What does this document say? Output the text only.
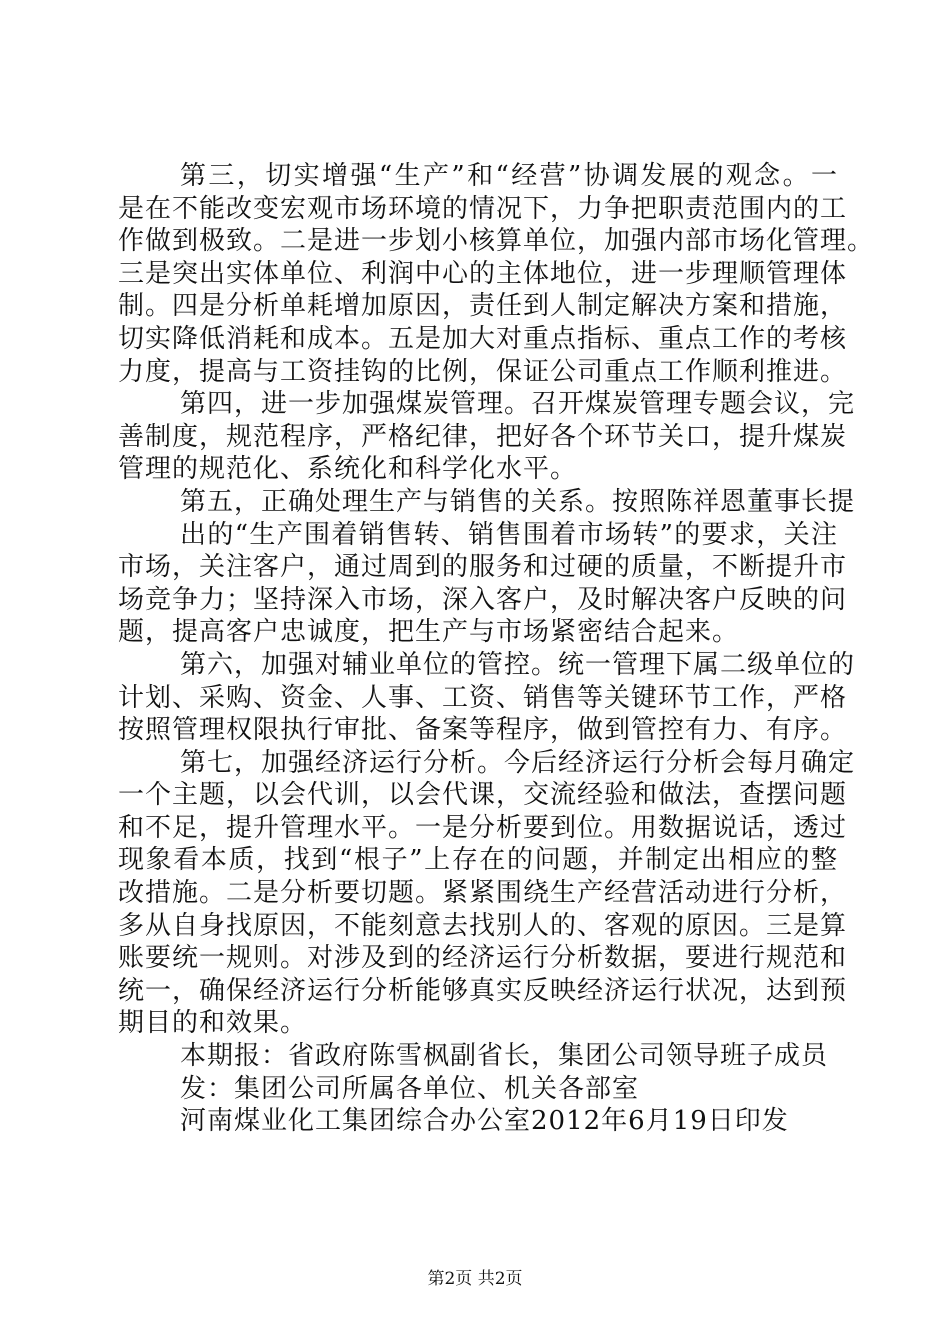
第三，切实增强“生产”和“经营”协调发展的观念。一
是在不能改变宏观市场环境的情况下，力争把职责范围内的工
作做到极致。二是进一步划小核算单位，加强内部市场化管理。
三是突出实体单位、利润中心的主体地位，进一步理顺管理体
制。四是分析单耗增加原因，责任到人制定解决方案和措施，
切实降低消耗和成本。五是加大对重点指标、重点工作的考核
力度，提高与工资挂钩的比例，保证公司重点工作顺利推进。
第四，进一步加强煤炭管理。召开煤炭管理专题会议，完
善制度，规范程序，严格纪律，把好各个环节关口，提升煤炭
管理的规范化、系统化和科学化水平。
第五，正确处理生产与销售的关系。按照陈祥恩董事长提
出的“生产围着销售转、销售围着市场转”的要求，关注
市场，关注客户，通过周到的服务和过硬的质量，不断提升市
场竞争力；坚持深入市场，深入客户，及时解决客户反映的问
题，提高客户忠诚度，把生产与市场紧密结合起来。
第六，加强对辅业单位的管控。统一管理下属二级单位的
计划、采购、资金、人事、工资、销售等关键环节工作，严格
按照管理权限执行审批、备案等程序，做到管控有力、有序。
第七，加强经济运行分析。今后经济运行分析会每月确定
一个主题，以会代训，以会代课，交流经验和做法，查摆问题
和不足，提升管理水平。一是分析要到位。用数据说话，透过
现象看本质，找到“根子”上存在的问题，并制定出相应的整
改措施。二是分析要切题。紧紧围绕生产经营活动进行分析，
多从自身找原因，不能刻意去找别人的、客观的原因。三是算
账要统一规则。对涉及到的经济运行分析数据，要进行规范和
统一，确保经济运行分析能够真实反映经济运行状况，达到预
期目的和效果。
本期报：省政府陈雪枫副省长，集团公司领导班子成员
发：集团公司所属各单位、机关各部室
河南煤业化工集团综合办公室2012年6月19日印发
第2页 共2页
